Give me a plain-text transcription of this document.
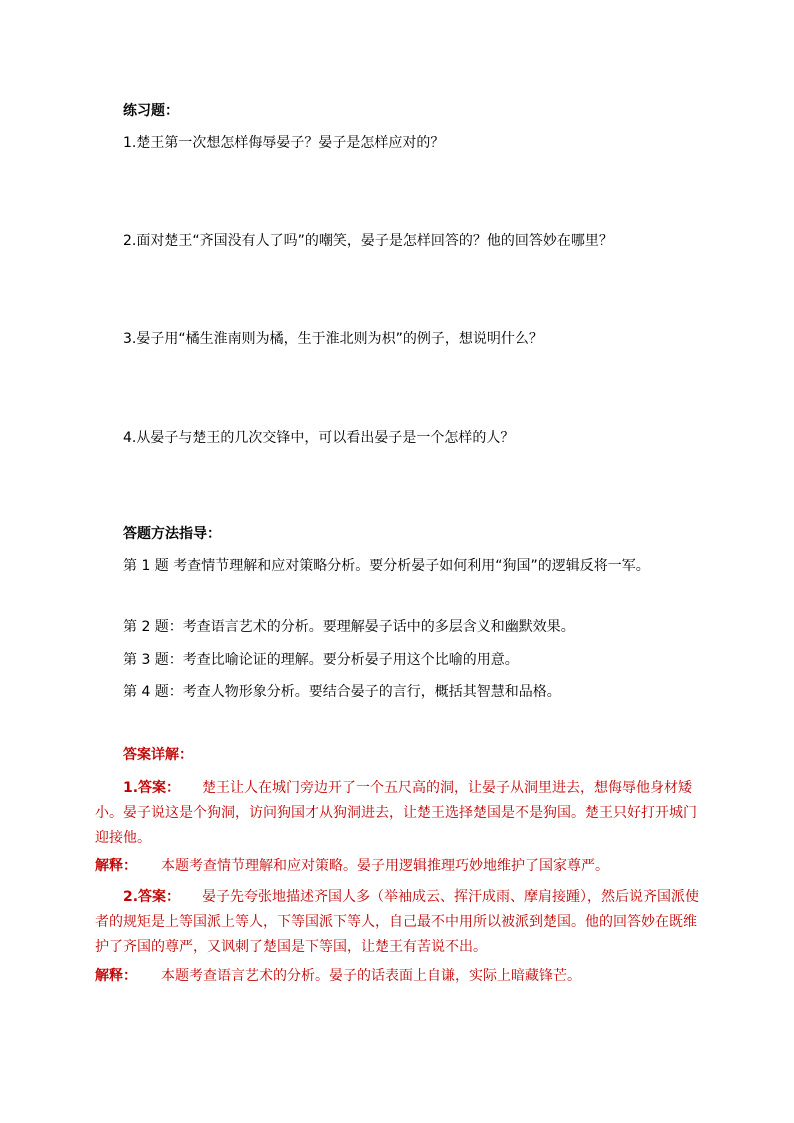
练习题：
1.楚王第一次想怎样侮辱晏子？晏子是怎样应对的？
2.面对楚王“齐国没有人了吗”的嘲笑，晏子是怎样回答的？他的回答妙在哪里？
3.晏子用“橘生淮南则为橘，生于淮北则为枳”的例子，想说明什么？
4.从晏子与楚王的几次交锋中，可以看出晏子是一个怎样的人？
答题方法指导：
第 1 题 考查情节理解和应对策略分析。要分析晏子如何利用“狗国”的逻辑反将一军。
第 2 题：考查语言艺术的分析。要理解晏子话中的多层含义和幽默效果。
第 3 题：考查比喻论证的理解。要分析晏子用这个比喻的用意。
第 4 题：考查人物形象分析。要结合晏子的言行，概括其智慧和品格。
答案详解：
1.答案： 楚王让人在城门旁边开了一个五尺高的洞，让晏子从洞里进去，想侮辱他身材矮小。晏子说这是个狗洞，访问狗国才从狗洞进去，让楚王选择楚国是不是狗国。楚王只好打开城门迎接他。
解释： 本题考查情节理解和应对策略。晏子用逻辑推理巧妙地维护了国家尊严。
2.答案： 晏子先夸张地描述齐国人多（举袖成云、挥汗成雨、摩肩接踵），然后说齐国派使者的规矩是上等国派上等人，下等国派下等人，自己最不中用所以被派到楚国。他的回答妙在既维护了齐国的尊严，又讽刺了楚国是下等国，让楚王有苦说不出。
解释： 本题考查语言艺术的分析。晏子的话表面上自谦，实际上暗藏锋芒。
